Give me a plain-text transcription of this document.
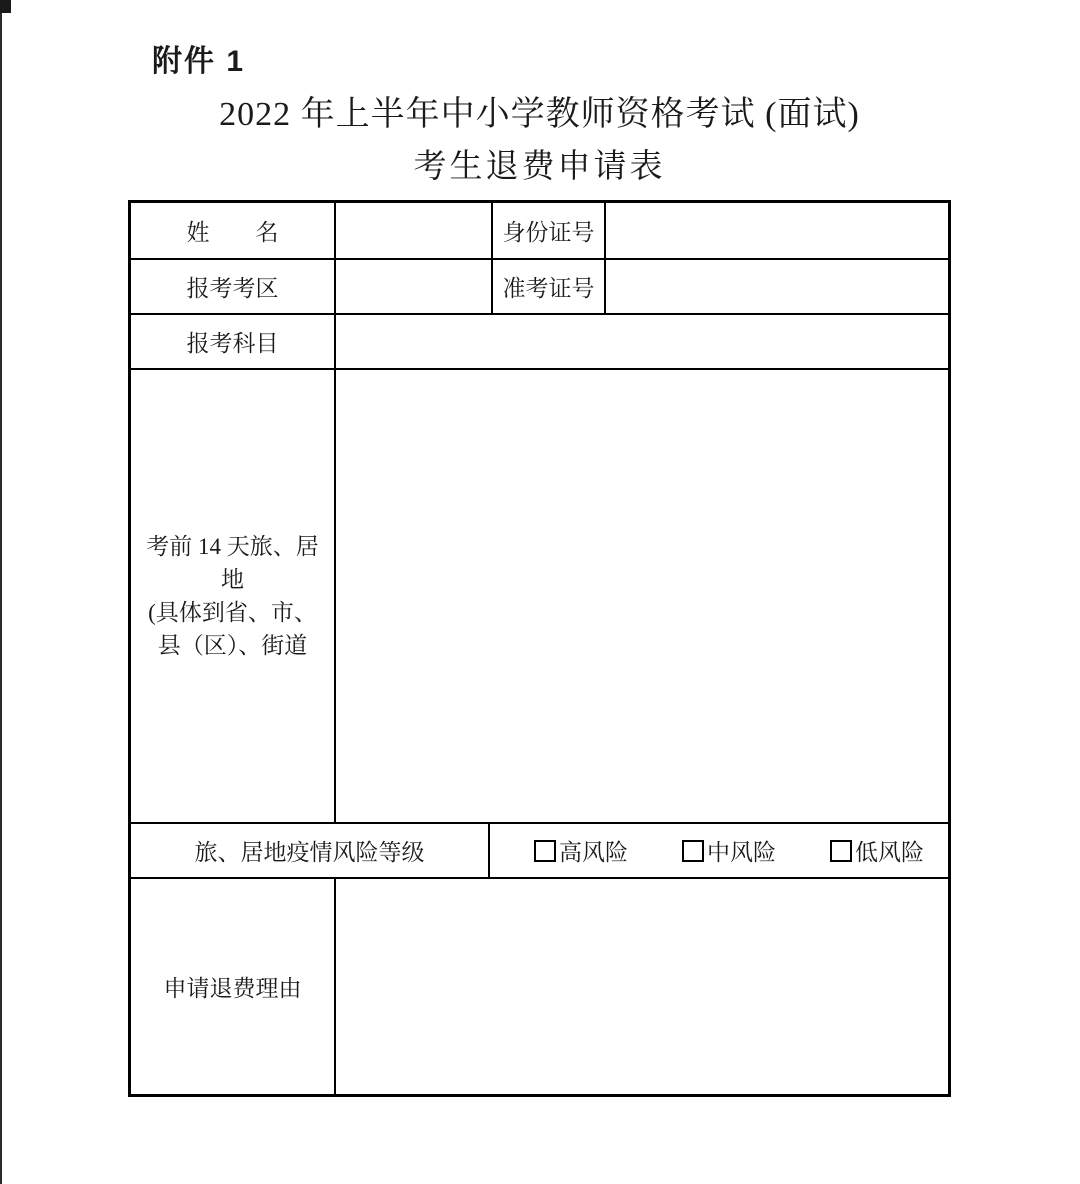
附件 1
2022 年上半年中小学教师资格考试 (面试)
考生退费申请表
姓　　名	身份证号
报考考区	准考证号
报考科目
考前 14 天旅、居地
(具体到省、市、
县（区）、街道
旅、居地疫情风险等级	高风险	中风险	低风险
申请退费理由
